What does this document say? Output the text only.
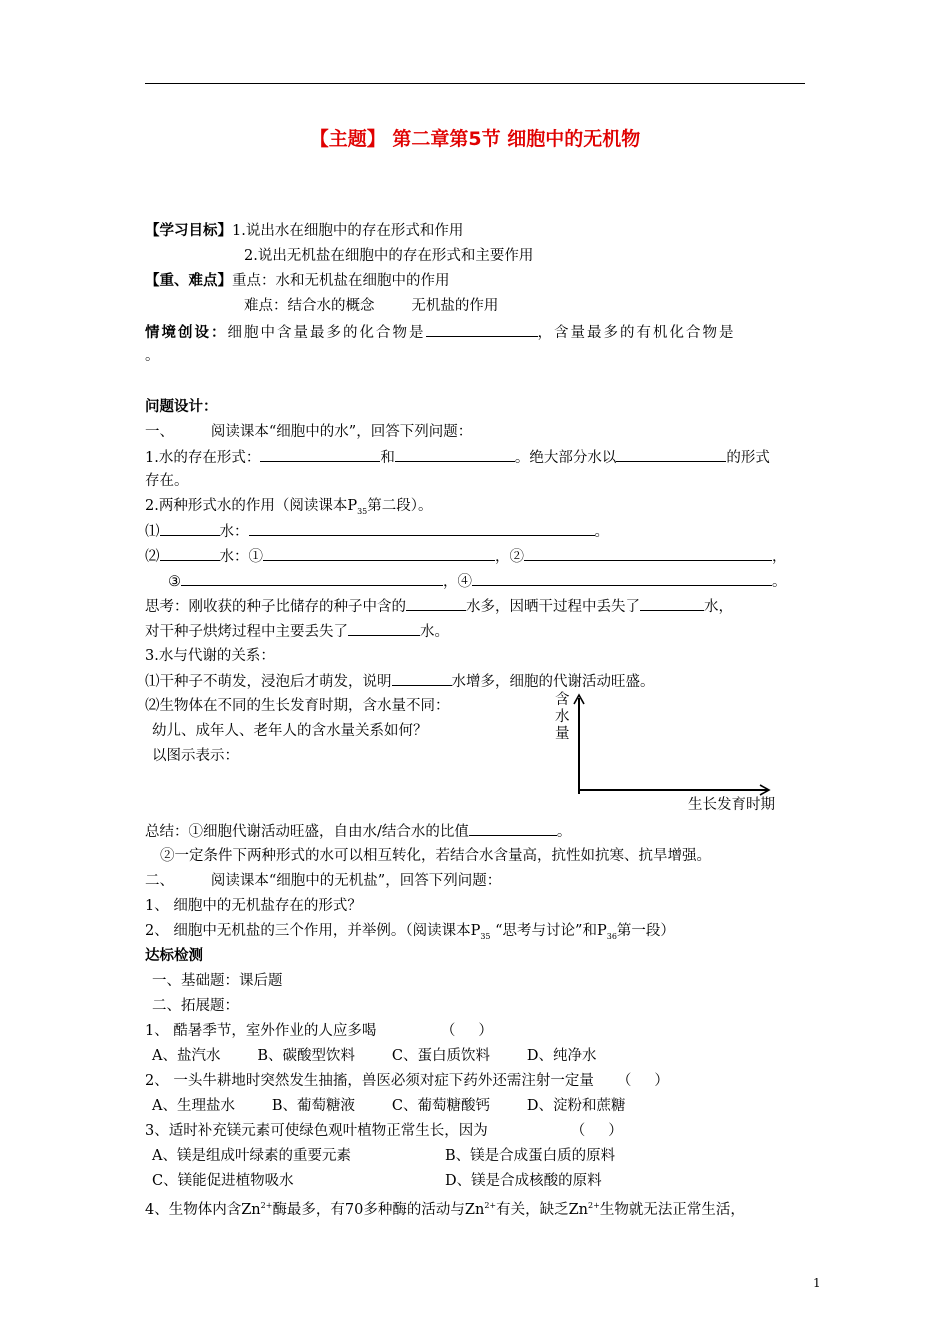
【主题】 第二章第5节 细胞中的无机物
【学习目标】1.说出水在细胞中的存在形式和作用
2.说出无机盐在细胞中的存在形式和主要作用
【重、难点】重点：水和无机盐在细胞中的作用
难点：结合水的概念        无机盐的作用
情境创设：细胞中含量最多的化合物是	，含量最多的有机化合物是
。
问题设计：
一、        阅读课本“细胞中的水”，回答下列问题：
1.水的存在形式：	和	。绝大部分水以	的形式
存在。
2.两种形式水的作用（阅读课本$P_{35}$第二段）。
⑴	水：	。
⑵	水：①	，②	，
③	，④	。
思考：刚收获的种子比储存的种子中含的	水多，因晒干过程中丢失了	水，
对干种子烘烤过程中主要丢失了	水。
3.水与代谢的关系：
⑴干种子不萌发，浸泡后才萌发，说明	水增多，细胞的代谢活动旺盛。
⑵生物体在不同的生长发育时期，含水量不同：
幼儿、成年人、老年人的含水量关系如何？
以图示表示：
含
水
量
生长发育时期
总结：①细胞代谢活动旺盛，自由水/结合水的比值	。
②一定条件下两种形式的水可以相互转化，若结合水含量高，抗性如抗寒、抗旱增强。
二、        阅读课本“细胞中的无机盐”，回答下列问题：
1、 细胞中的无机盐存在的形式？
2、 细胞中无机盐的三个作用，并举例。（阅读课本$P_{35}$ “思考与讨论”和$P_{36}$第一段）
达标检测
一、基础题：课后题
二、拓展题：
1、 酷暑季节，室外作业的人应多喝              （     ）
A、盐汽水        B、碳酸型饮料        C、蛋白质饮料        D、纯净水
2、 一头牛耕地时突然发生抽搐，兽医必须对症下药外还需注射一定量     （     ）
A、生理盐水        B、葡萄糖液        C、葡萄糖酸钙        D、淀粉和蔗糖
3、适时补充镁元素可使绿色观叶植物正常生长，因为                  （     ）
A、镁是组成叶绿素的重要元素	B、镁是合成蛋白质的原料
C、镁能促进植物吸水	D、镁是合成核酸的原料
4、生物体内含$Zn^{2+}$酶最多，有70多种酶的活动与$Zn^{2+}$有关，缺乏$Zn^{2+}$生物就无法正常生活，
1
